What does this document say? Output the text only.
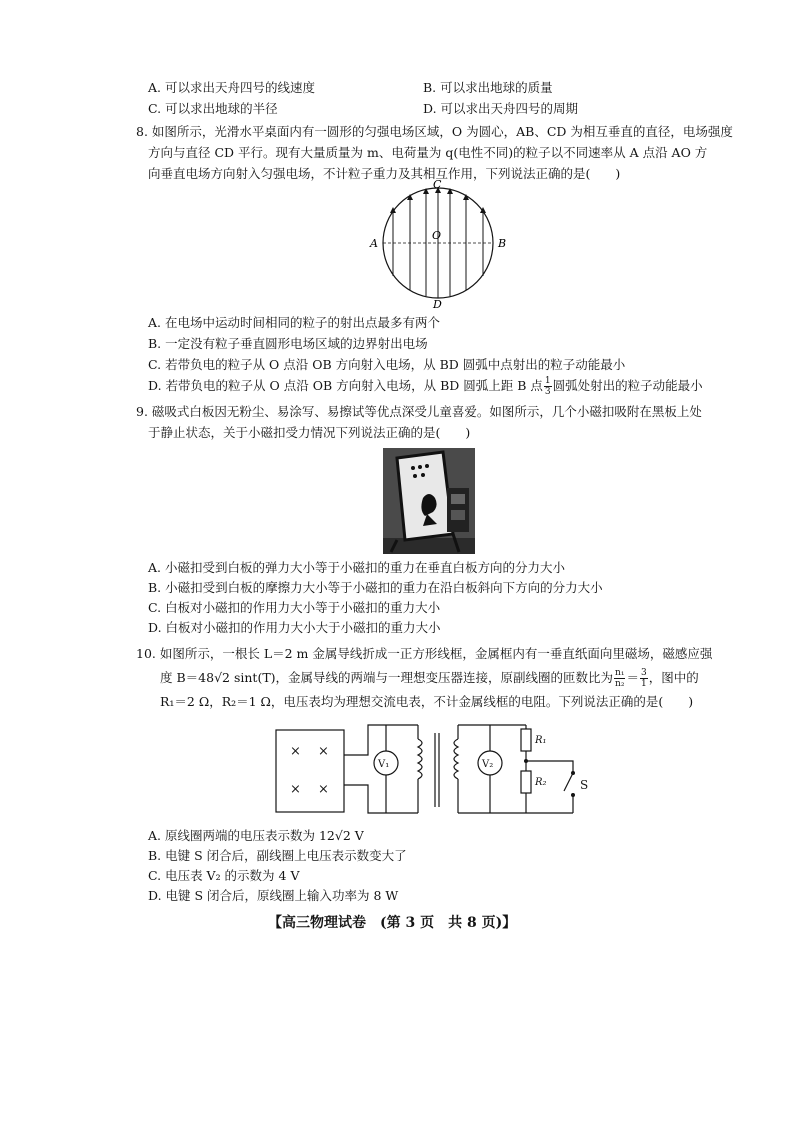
A. 可以求出天舟四号的线速度	B. 可以求出地球的质量
C. 可以求出地球的半径	D. 可以求出天舟四号的周期
8. 如图所示，光滑水平桌面内有一圆形的匀强电场区域，O 为圆心，AB、CD 为相互垂直的直径，电场强度
方向与直径 CD 平行。现有大量质量为 m、电荷量为 q(电性不同)的粒子以不同速率从 A 点沿 AO 方
向垂直电场方向射入匀强电场，不计粒子重力及其相互作用，下列说法正确的是(　　)
C
D
A	B
O
A. 在电场中运动时间相同的粒子的射出点最多有两个
B. 一定没有粒子垂直圆形电场区域的边界射出电场
C. 若带负电的粒子从 O 点沿 OB 方向射入电场，从 BD 圆弧中点射出的粒子动能最小
D. 若带负电的粒子从 O 点沿 OB 方向射入电场，从 BD 圆弧上距 B 点 $\frac{1}{3}$ 圆弧处射出的粒子动能最小
9. 磁吸式白板因无粉尘、易涂写、易擦试等优点深受儿童喜爱。如图所示，几个小磁扣吸附在黑板上处
于静止状态，关于小磁扣受力情况下列说法正确的是(　　)
A. 小磁扣受到白板的弹力大小等于小磁扣的重力在垂直白板方向的分力大小
B. 小磁扣受到白板的摩擦力大小等于小磁扣的重力在沿白板斜向下方向的分力大小
C. 白板对小磁扣的作用力大小等于小磁扣的重力大小
D. 白板对小磁扣的作用力大小大于小磁扣的重力大小
10. 如图所示，一根长 L＝2 m 金属导线折成一正方形线框，金属框内有一垂直纸面向里磁场，磁感应强
度 B＝48√2 sint(T)，金属导线的两端与一理想变压器连接，原副线圈的匝数比为 $\frac{\text{n₁}}{\text{n₂}} = \frac{3}{1}$ ，图中的
R₁＝2 Ω，R₂＝1 Ω，电压表均为理想交流电表，不计金属线框的电阻。下列说法正确的是(　　)
× ×
× ×
V₁	V₂
R₁
R₂	S
A. 原线圈两端的电压表示数为 12√2 V
B. 电键 S 闭合后，副线圈上电压表示数变大了
C. 电压表 V₂ 的示数为 4 V
D. 电键 S 闭合后，原线圈上输入功率为 8 W
【高三物理试卷　(第 3 页　共 8 页)】
